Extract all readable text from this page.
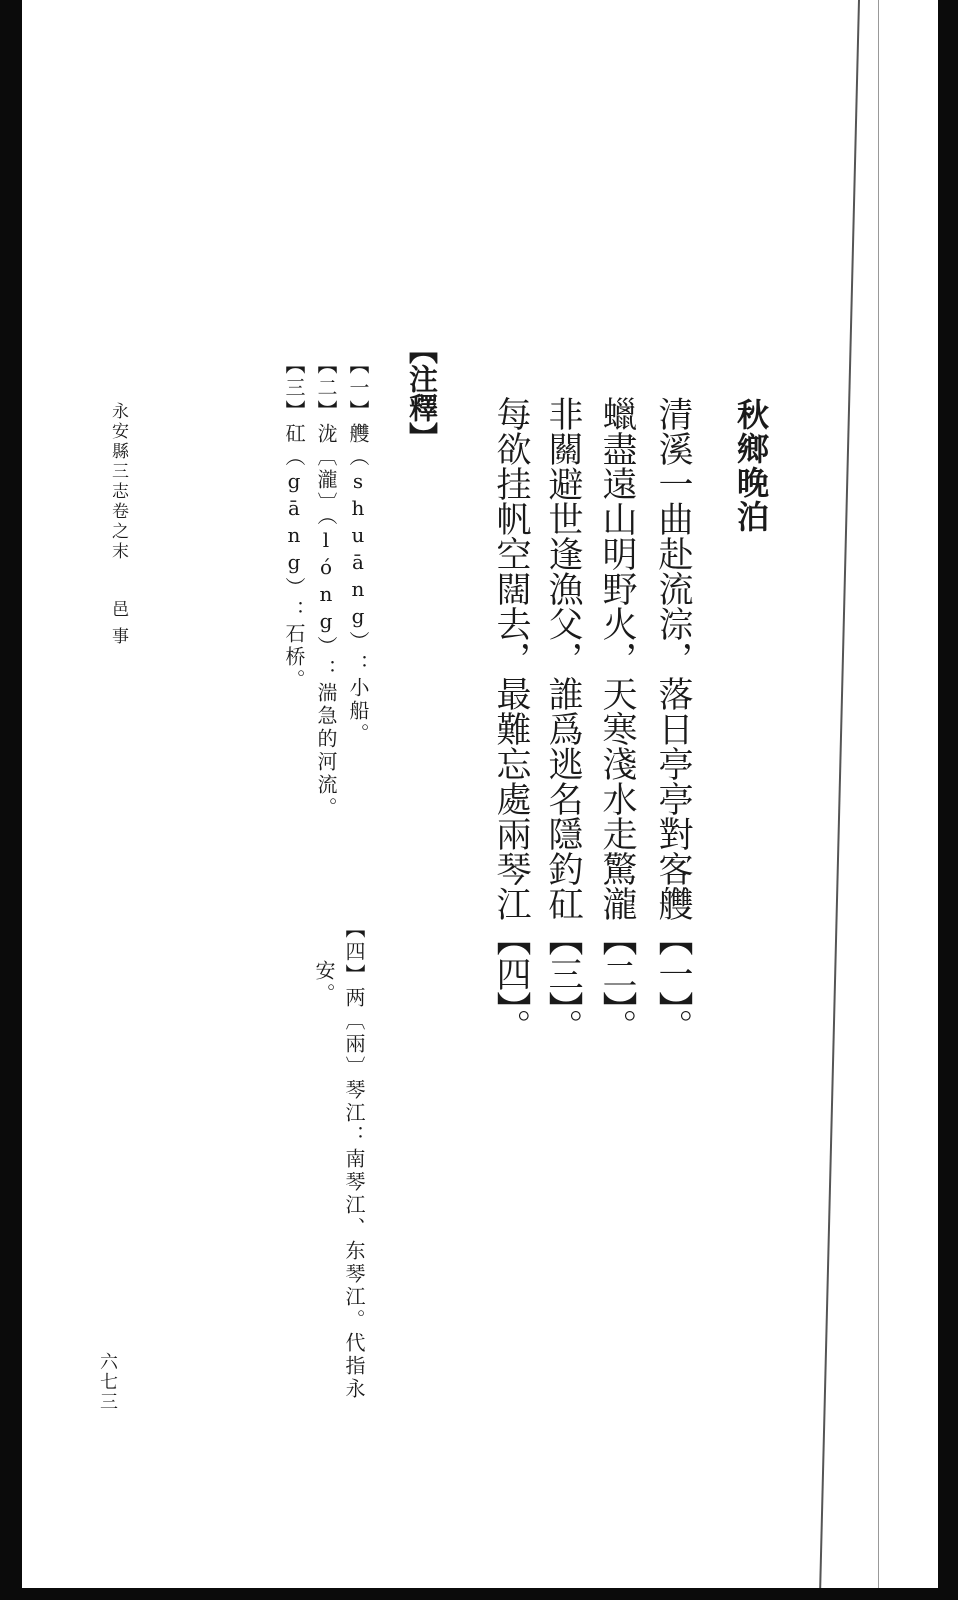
秋鄉晚泊
清溪一曲赴流淙，落日亭亭對客艭【一】。
蠟盡遠山明野火，天寒淺水走驚瀧【二】。
非關避世逢漁父，誰爲逃名隱釣矼【三】。
每欲挂帆空闊去，最難忘處兩琴江【四】。
【注釋】
【一】艭（shuāng）：小船。
【二】泷〔瀧〕（lóng）：湍急的河流。
【三】矼（gāng）：石桥。
【四】两〔兩〕琴江：南琴江、东琴江。代指永
安。
永安縣三志卷之末
邑事
六七三
